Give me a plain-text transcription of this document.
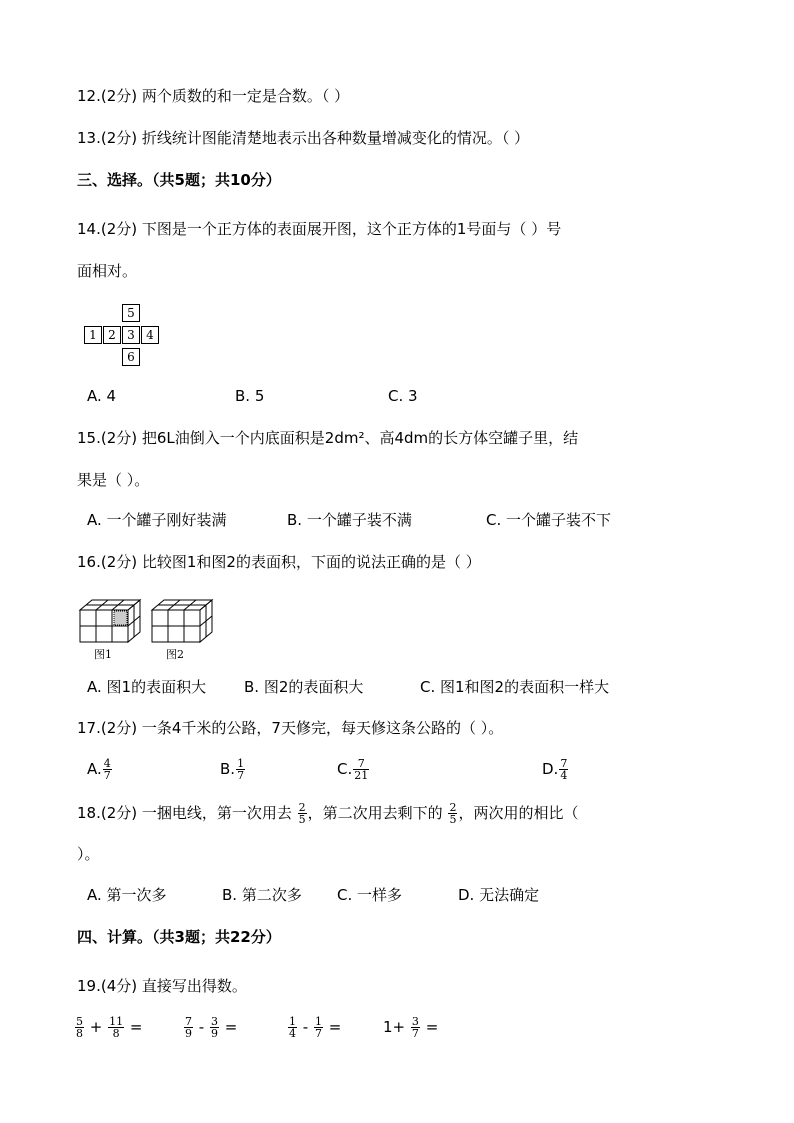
12.(2分) 两个质数的和一定是合数。（ ）
13.(2分) 折线统计图能清楚地表示出各种数量增减变化的情况。（ ）
三、选择。（共5题；共10分）
14.(2分) 下图是一个正方体的表面展开图，这个正方体的1号面与（ ）号
面相对。
5
1 2 3 4
6
A. 4	B. 5	C. 3
15.(2分) 把6L油倒入一个内底面积是2dm²、高4dm的长方体空罐子里，结
果是（ ）。
A. 一个罐子刚好装满	B. 一个罐子装不满	C. 一个罐子装不下
16.(2分) 比较图1和图2的表面积，下面的说法正确的是（ ）
图1	图2
A. 图1的表面积大	B. 图2的表面积大	C. 图1和图2的表面积一样大
17.(2分) 一条4千米的公路，7天修完，每天修这条公路的（ ）。
A. $\frac{4}{7}$	B. $\frac{1}{7}$	C. $\frac{7}{21}$	D. $\frac{7}{4}$
18.(2分) 一捆电线，第一次用去 $\frac{2}{5}$ ，第二次用去剩下的 $\frac{2}{5}$ ，两次用的相比（
）。
A. 第一次多	B. 第二次多 C. 一样多	D. 无法确定
四、计算。（共3题；共22分）
19.(4分) 直接写出得数。
$\frac{5}{8} + \frac{11}{8}$ =	$\frac{7}{9} - \frac{3}{9}$ =	$\frac{1}{4} - \frac{1}{7}$ =	$1+ \frac{3}{7}$ =
